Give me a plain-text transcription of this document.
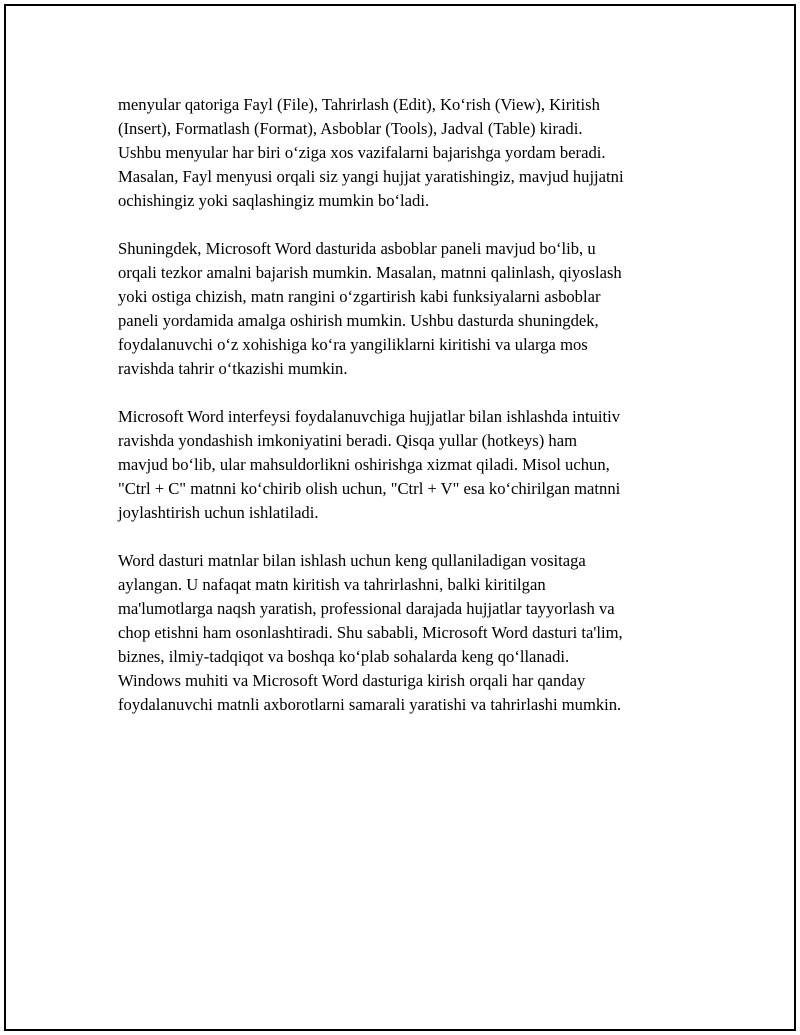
menyular qatoriga Fayl (File), Tahrirlash (Edit), Ko‘rish (View), Kiritish
(Insert), Formatlash (Format), Asboblar (Tools), Jadval (Table) kiradi.
Ushbu menyular har biri o‘ziga xos vazifalarni bajarishga yordam beradi.
Masalan, Fayl menyusi orqali siz yangi hujjat yaratishingiz, mavjud hujjatni
ochishingiz yoki saqlashingiz mumkin bo‘ladi.

Shuningdek, Microsoft Word dasturida asboblar paneli mavjud bo‘lib, u
orqali tezkor amalni bajarish mumkin. Masalan, matnni qalinlash, qiyoslash
yoki ostiga chizish, matn rangini o‘zgartirish kabi funksiyalarni asboblar
paneli yordamida amalga oshirish mumkin. Ushbu dasturda shuningdek,
foydalanuvchi o‘z xohishiga ko‘ra yangiliklarni kiritishi va ularga mos
ravishda tahrir o‘tkazishi mumkin.

Microsoft Word interfeysi foydalanuvchiga hujjatlar bilan ishlashda intuitiv
ravishda yondashish imkoniyatini beradi. Qisqa yullar (hotkeys) ham
mavjud bo‘lib, ular mahsuldorlikni oshirishga xizmat qiladi. Misol uchun,
"Ctrl + C" matnni ko‘chirib olish uchun, "Ctrl + V" esa ko‘chirilgan matnni
joylashtirish uchun ishlatiladi.

Word dasturi matnlar bilan ishlash uchun keng qullaniladigan vositaga
aylangan. U nafaqat matn kiritish va tahrirlashni, balki kiritilgan
ma'lumotlarga naqsh yaratish, professional darajada hujjatlar tayyorlash va
chop etishni ham osonlashtiradi. Shu sababli, Microsoft Word dasturi ta'lim,
biznes, ilmiy-tadqiqot va boshqa ko‘plab sohalarda keng qo‘llanadi.
Windows muhiti va Microsoft Word dasturiga kirish orqali har qanday
foydalanuvchi matnli axborotlarni samarali yaratishi va tahrirlashi mumkin.
